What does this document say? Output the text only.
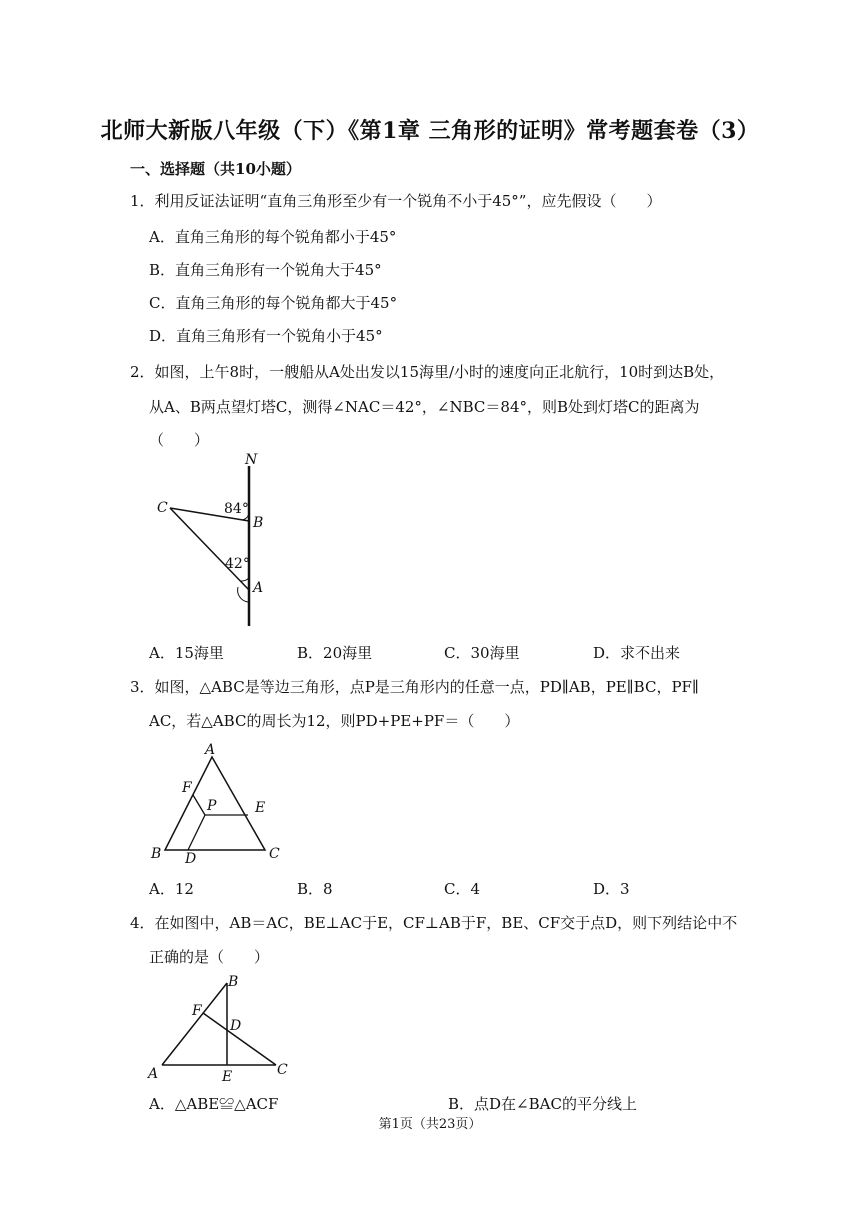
北师大新版八年级（下）《第1章 三角形的证明》常考题套卷（3）
一、选择题（共10小题）
1．利用反证法证明“直角三角形至少有一个锐角不小于45°”，应先假设（　　）
A．直角三角形的每个锐角都小于45°
B．直角三角形有一个锐角大于45°
C．直角三角形的每个锐角都大于45°
D．直角三角形有一个锐角小于45°
2．如图，上午8时，一艘船从A处出发以15海里/小时的速度向正北航行，10时到达B处，
从A、B两点望灯塔C，测得∠NAC＝42°，∠NBC＝84°，则B处到灯塔C的距离为
（　　）
N
C
B
A
84°
42°
A．15海里	B．20海里	C．30海里	D．求不出来
3．如图，△ABC是等边三角形，点P是三角形内的任意一点，PD∥AB，PE∥BC，PF∥
AC，若△ABC的周长为12，则PD+PE+PF＝（　　）
A
F
P	E
B D	C
A．12	B．8	C．4	D．3
4．在如图中，AB＝AC，BE⊥AC于E，CF⊥AB于F，BE、CF交于点D，则下列结论中不
正确的是（　　）
B
F
D
A	E	C
A．△ABE≌△ACF	B．点D在∠BAC的平分线上
第1页（共23页）
